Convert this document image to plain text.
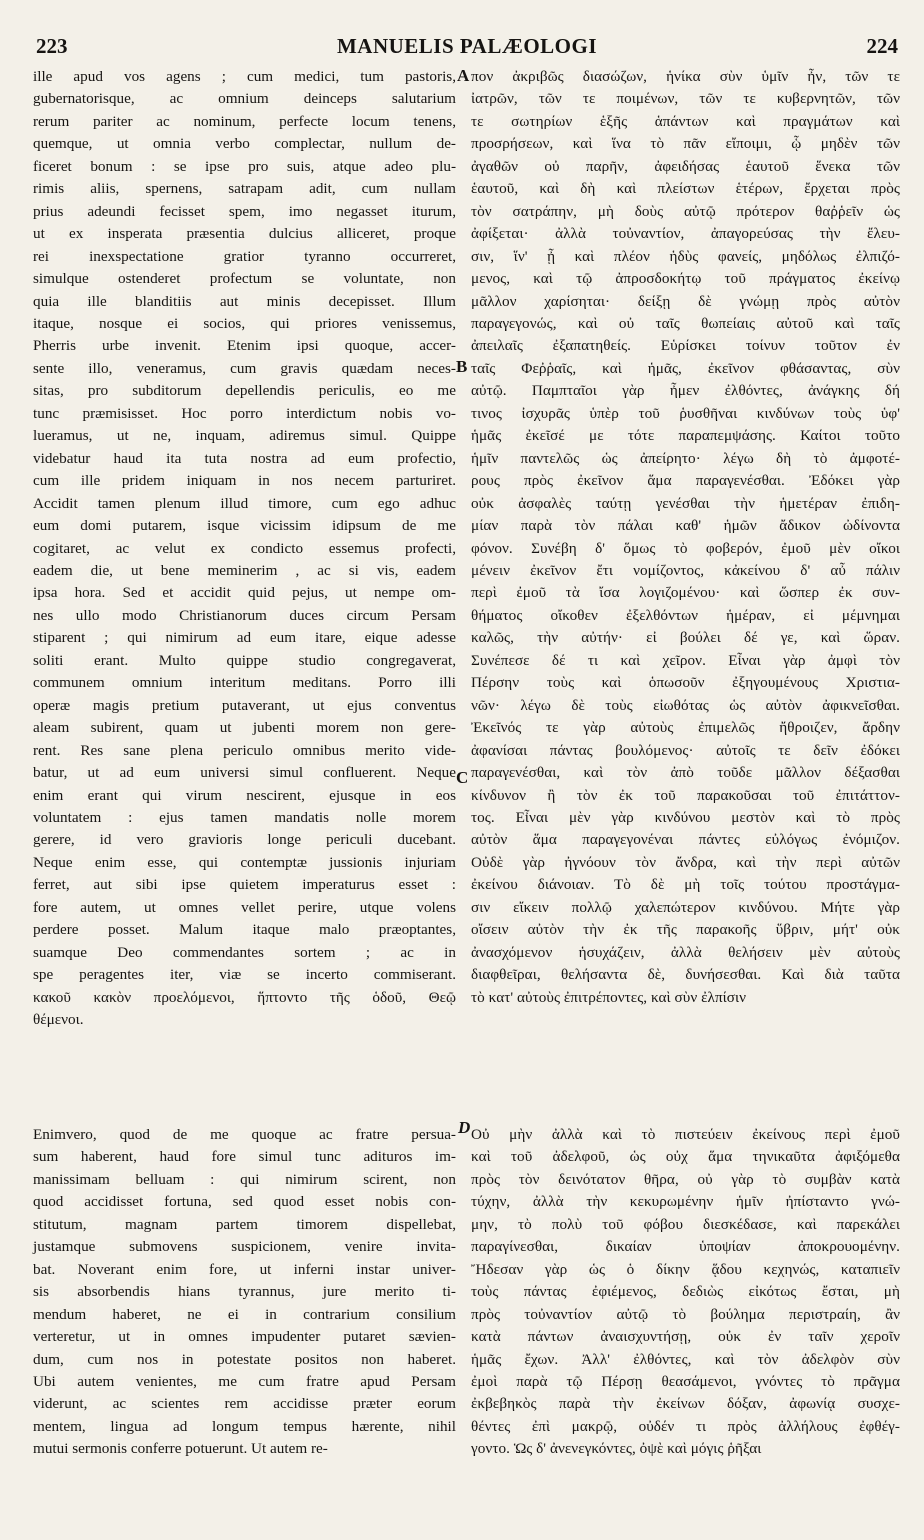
223	MANUELIS PALÆOLOGI	224
A
B
C
D
ille apud vos agens ; cum medici, tum pastoris,
gubernatorisque, ac omnium deinceps salutarium
rerum pariter ac nominum, perfecte locum tenens,
quemque, ut omnia verbo complectar, nullum de-
ficeret bonum : se ipse pro suis, atque adeo plu-
rimis aliis, spernens, satrapam adit, cum nullam
prius adeundi fecisset spem, imo negasset iturum,
ut ex insperata præsentia dulcius alliceret, proque
rei inexspectatione gratior tyranno occurreret,
simulque ostenderet profectum se voluntate, non
quia ille blanditiis aut minis decepisset. Illum
itaque, nosque ei socios, qui priores venissemus,
Pherris urbe invenit. Etenim ipsi quoque, accer-
sente illo, veneramus, cum gravis quædam neces-
sitas, pro subditorum depellendis periculis, eo me
tunc præmisisset. Hoc porro interdictum nobis vo-
lueramus, ut ne, inquam, adiremus simul. Quippe
videbatur haud ita tuta nostra ad eum profectio,
cum ille pridem iniquam in nos necem parturiret.
Accidit tamen plenum illud timore, cum ego adhuc
eum domi putarem, isque vicissim idipsum de me
cogitaret, ac velut ex condicto essemus profecti,
eadem die, ut bene meminerim , ac si vis, eadem
ipsa hora. Sed et accidit quid pejus, ut nempe om-
nes ullo modo Christianorum duces circum Persam
stiparent ; qui nimirum ad eum itare, eique adesse
soliti erant. Multo quippe studio congregaverat,
communem omnium interitum meditans. Porro illi
operæ magis pretium putaverant, ut ejus conventus
aleam subirent, quam ut jubenti morem non gere-
rent. Res sane plena periculo omnibus merito vide-
batur, ut ad eum universi simul confluerent. Neque
enim erant qui virum nescirent, ejusque in eos
voluntatem : ejus tamen mandatis nolle morem
gerere, id vero gravioris longe periculi ducebant.
Neque enim esse, qui contemptæ jussionis injuriam
ferret, aut sibi ipse quietem imperaturus esset :
fore autem, ut omnes vellet perire, utque volens
perdere posset. Malum itaque malo præoptantes,
suamque Deo commendantes sortem ; ac in
spe peragentes iter, viæ se incerto commiserant.
κακοῦ κακὸν προελόμενοι, ἥπτοντο τῆς ὁδοῦ, Θεῷ
θέμενοι.
πον ἀκριβῶς διασώζων, ἡνίκα σὺν ὑμῖν ἦν, τῶν τε
ἰατρῶν, τῶν τε ποιμένων, τῶν τε κυβερνητῶν, τῶν
τε σωτηρίων ἑξῆς ἁπάντων καὶ πραγμάτων καὶ
προσρήσεων, καὶ ἵνα τὸ πᾶν εἴποιμι, ᾧ μηδὲν τῶν
ἀγαθῶν οὐ παρῆν, ἀφειδήσας ἑαυτοῦ ἕνεκα τῶν
ἑαυτοῦ, καὶ δὴ καὶ πλείστων ἑτέρων, ἔρχεται πρὸς
τὸν σατράπην, μὴ δοὺς αὐτῷ πρότερον θαῤῥεῖν ὡς
ἀφίξεται· ἀλλὰ τοὐναντίον, ἀπαγορεύσας τὴν ἔλευ-
σιν, ἵν' ᾖ καὶ πλέον ἡδὺς φανείς, μηδόλως ἐλπιζό-
μενος, καὶ τῷ ἀπροσδοκήτῳ τοῦ πράγματος ἐκείνῳ
μᾶλλον χαρίσηται· δείξῃ δὲ γνώμῃ πρὸς αὐτὸν
παραγεγονώς, καὶ οὐ ταῖς θωπείαις αὐτοῦ καὶ ταῖς
ἀπειλαῖς ἐξαπατηθείς. Εὑρίσκει τοίνυν τοῦτον ἐν
ταῖς Φεῤῥαῖς, καὶ ἡμᾶς, ἐκεῖνον φθάσαντας, σὺν
αὐτῷ. Παμπταῖοι γὰρ ἦμεν ἐλθόντες, ἀνάγκης δή
τινος ἰσχυρᾶς ὑπὲρ τοῦ ῥυσθῆναι κινδύνων τοὺς ὑφ'
ἡμᾶς ἐκεῖσέ με τότε παραπεμψάσης. Καίτοι τοῦτο
ἡμῖν παντελῶς ὡς ἀπείρητο· λέγω δὴ τὸ ἀμφοτέ-
ρους πρὸς ἐκεῖνον ἅμα παραγενέσθαι. Ἐδόκει γὰρ
οὐκ ἀσφαλὲς ταύτῃ γενέσθαι τὴν ἡμετέραν ἐπιδη-
μίαν παρὰ τὸν πάλαι καθ' ἡμῶν ἄδικον ὠδίνοντα
φόνον. Συνέβη δ' ὅμως τὸ φοβερόν, ἐμοῦ μὲν οἴκοι
μένειν ἐκεῖνον ἔτι νομίζοντος, κἀκείνου δ' αὖ πάλιν
περὶ ἐμοῦ τὰ ἴσα λογιζομένου· καὶ ὥσπερ ἐκ συν-
θήματος οἴκοθεν ἐξελθόντων ἡμέραν, εἰ μέμνημαι
καλῶς, τὴν αὐτήν· εἰ βούλει δέ γε, καὶ ὥραν.
Συνέπεσε δέ τι καὶ χεῖρον. Εἶναι γὰρ ἀμφὶ τὸν
Πέρσην τοὺς καὶ ὁπωσοῦν ἐξηγουμένους Χριστια-
νῶν· λέγω δὲ τοὺς εἰωθότας ὡς αὐτὸν ἀφικνεῖσθαι.
Ἐκεῖνός τε γὰρ αὐτοὺς ἐπιμελῶς ἤθροιζεν, ἄρδην
ἀφανίσαι πάντας βουλόμενος· αὐτοῖς τε δεῖν ἐδόκει
παραγενέσθαι, καὶ τὸν ἀπὸ τοῦδε μᾶλλον δέξασθαι
κίνδυνον ἢ τὸν ἐκ τοῦ παρακοῦσαι τοῦ ἐπιτάττον-
τος. Εἶναι μὲν γὰρ κινδύνου μεστὸν καὶ τὸ πρὸς
αὐτὸν ἅμα παραγεγονέναι πάντες εὐλόγως ἐνόμιζον.
Οὐδὲ γὰρ ἠγνόουν τὸν ἄνδρα, καὶ τὴν περὶ αὐτῶν
ἐκείνου διάνοιαν. Τὸ δὲ μὴ τοῖς τούτου προστάγμα-
σιν εἴκειν πολλῷ χαλεπώτερον κινδύνου. Μήτε γὰρ
οἴσειν αὐτὸν τὴν ἐκ τῆς παρακοῆς ὕβριν, μήτ' οὐκ
ἀνασχόμενον ἡσυχάζειν, ἀλλὰ θελήσειν μὲν αὐτοὺς
διαφθεῖραι, θελήσαντα δὲ, δυνήσεσθαι. Καὶ διὰ ταῦτα
τὸ κατ' αὐτοὺς ἐπιτρέποντες, καὶ σὺν ἐλπίσιν
Enimvero, quod de me quoque ac fratre persua-
sum haberent, haud fore simul tunc adituros im-
manissimam belluam : qui nimirum scirent, non
quod accidisset fortuna, sed quod esset nobis con-
stitutum, magnam partem timorem dispellebat,
justamque submovens suspicionem, venire invita-
bat. Noverant enim fore, ut inferni instar univer-
sis absorbendis hians tyrannus, jure merito ti-
mendum haberet, ne ei in contrarium consilium
verteretur, ut in omnes impudenter putaret sævien-
dum, cum nos in potestate positos non haberet.
Ubi autem venientes, me cum fratre apud Persam
viderunt, ac scientes rem accidisse præter eorum
mentem, lingua ad longum tempus hærente, nihil
mutui sermonis conferre potuerunt. Ut autem re-
Οὐ μὴν ἀλλὰ καὶ τὸ πιστεύειν ἐκείνους περὶ ἐμοῦ
καὶ τοῦ ἀδελφοῦ, ὡς οὐχ ἅμα τηνικαῦτα ἀφιξόμεθα
πρὸς τὸν δεινότατον θῆρα, οὐ γὰρ τὸ συμβὰν κατὰ
τύχην, ἀλλὰ τὴν κεκυρωμένην ἡμῖν ἠπίσταντο γνώ-
μην, τὸ πολὺ τοῦ φόβου διεσκέδασε, καὶ παρεκάλει
παραγίνεσθαι, δικαίαν ὑποψίαν ἀποκρουομένην.
Ἤδεσαν γὰρ ὡς ὁ δίκην ᾅδου κεχηνώς, καταπιεῖν
τοὺς πάντας ἐφιέμενος, δεδιὼς εἰκότως ἔσται, μὴ
πρὸς τοὐναντίον αὐτῷ τὸ βούλημα περιστραίη, ἂν
κατὰ πάντων ἀναισχυντήσῃ, οὐκ ἐν ταῖν χεροῖν
ἡμᾶς ἔχων. Ἀλλ' ἐλθόντες, καὶ τὸν ἀδελφὸν σὺν
ἐμοὶ παρὰ τῷ Πέρσῃ θεασάμενοι, γνόντες τὸ πρᾶγμα
ἐκβεβηκὸς παρὰ τὴν ἐκείνων δόξαν, ἀφωνίᾳ συσχε-
θέντες ἐπὶ μακρῷ, οὐδέν τι πρὸς ἀλλήλους ἐφθέγ-
γοντο. Ὡς δ' ἀνενεγκόντες, ὀψὲ καὶ μόγις ῥῆξαι
